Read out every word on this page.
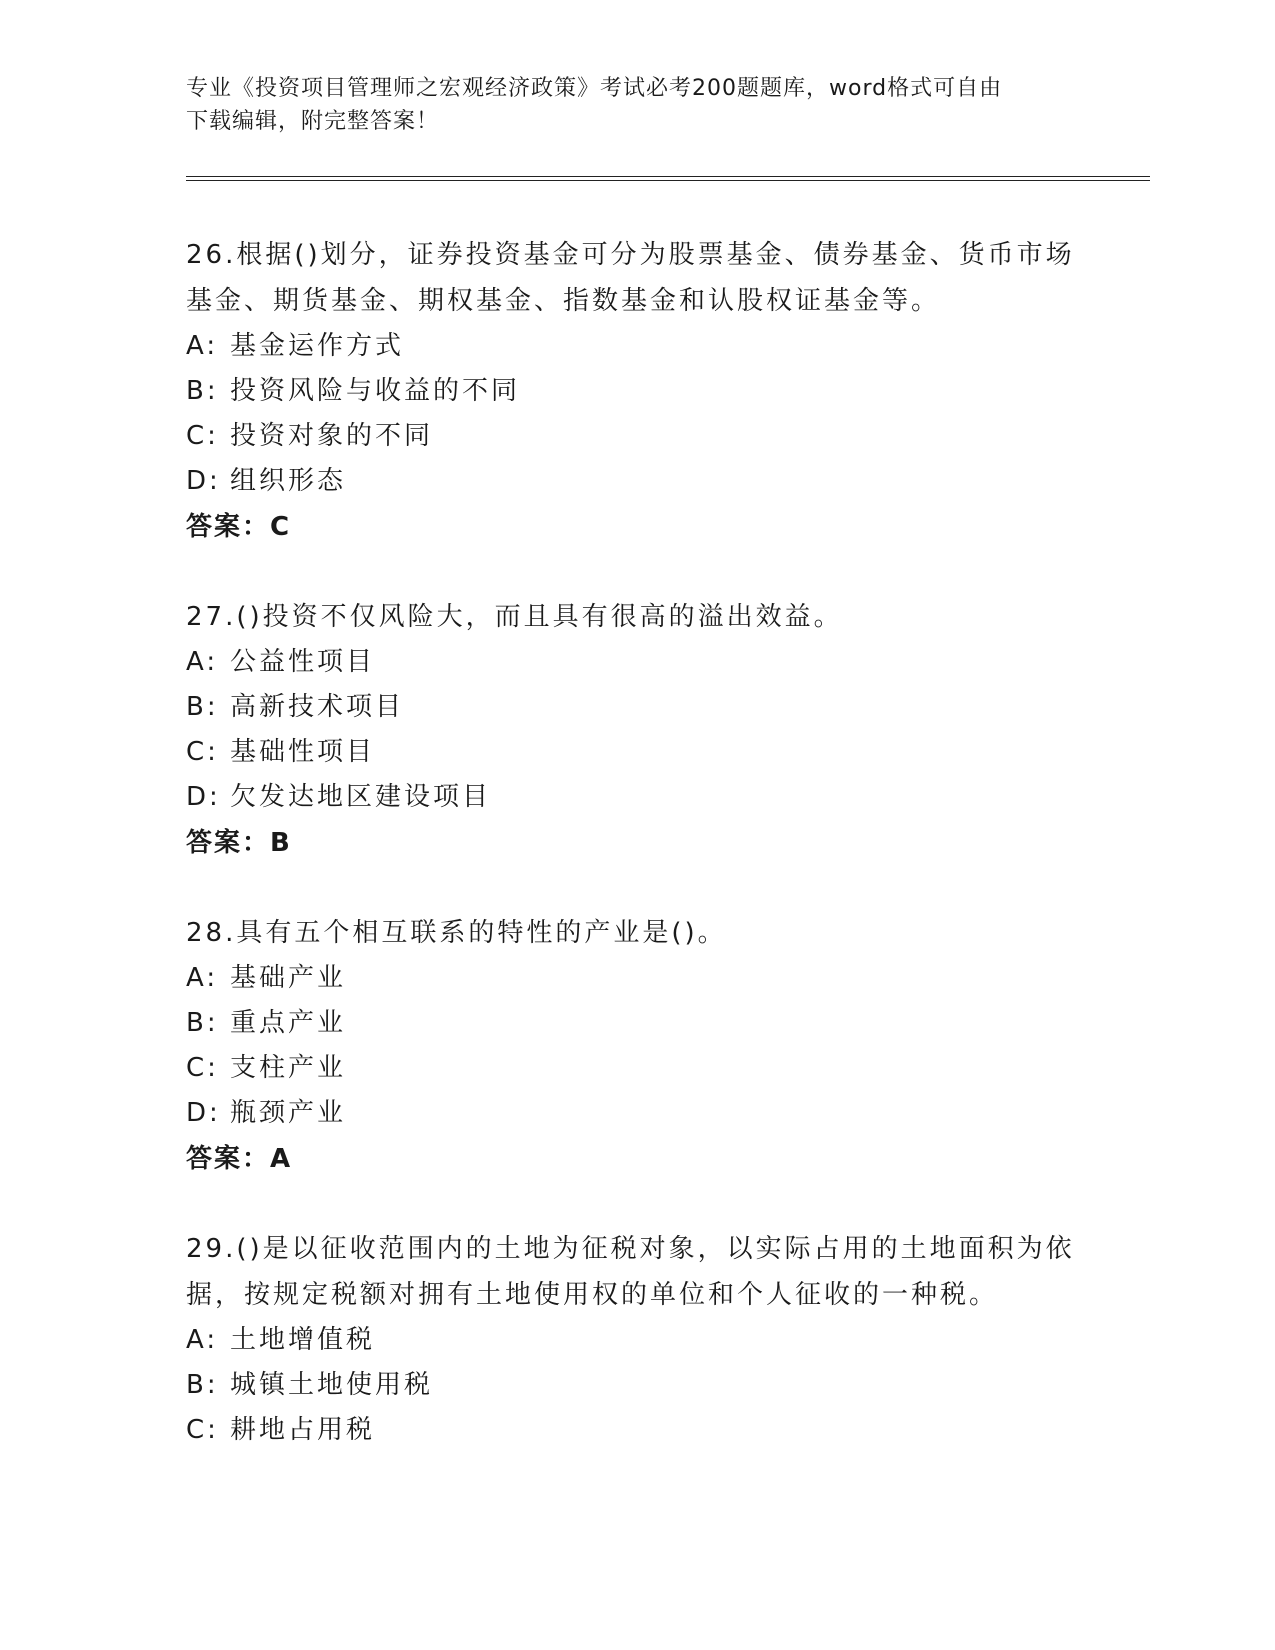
专业《投资项目管理师之宏观经济政策》考试必考200题题库，word格式可自由
下载编辑，附完整答案！

26.根据()划分，证券投资基金可分为股票基金、债券基金、货币市场基金、期货基金、期权基金、指数基金和认股权证基金等。

A: 基金运作方式

B: 投资风险与收益的不同

C: 投资对象的不同

D: 组织形态

答案：C

27.()投资不仅风险大，而且具有很高的溢出效益。

A: 公益性项目

B: 高新技术项目

C: 基础性项目

D: 欠发达地区建设项目

答案：B

28.具有五个相互联系的特性的产业是()。

A: 基础产业

B: 重点产业

C: 支柱产业

D: 瓶颈产业

答案：A

29.()是以征收范围内的土地为征税对象，以实际占用的土地面积为依据，按规定税额对拥有土地使用权的单位和个人征收的一种税。

A: 土地增值税

B: 城镇土地使用税

C: 耕地占用税
